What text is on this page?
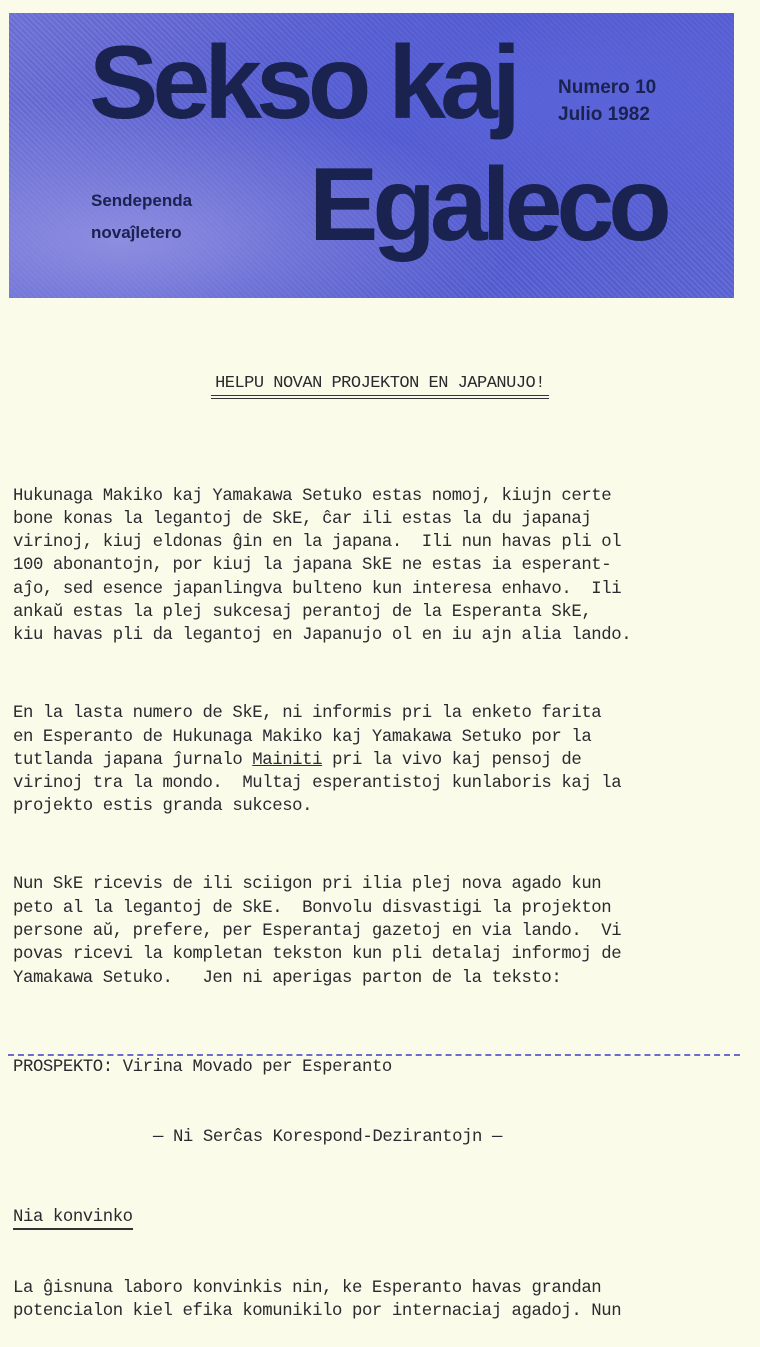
Sekso kaj
Egaleco
Numero 10
Julio 1982
Sendependa
novaĵletero
HELPU NOVAN PROJEKTON EN JAPANUJO!

Hukunaga Makiko kaj Yamakawa Setuko estas nomoj, kiujn certe
bone konas la legantoj de SkE, ĉar ili estas la du japanaj
virinoj, kiuj eldonas ĝin en la japana.  Ili nun havas pli ol
100 abonantojn, por kiuj la japana SkE ne estas ia esperant-
aĵo, sed esence japanlingva bulteno kun interesa enhavo.  Ili
ankaŭ estas la plej sukcesaj perantoj de la Esperanta SkE,
kiu havas pli da legantoj en Japanujo ol en iu ajn alia lando.

En la lasta numero de SkE, ni informis pri la enketo farita
en Esperanto de Hukunaga Makiko kaj Yamakawa Setuko por la
tutlanda japana ĵurnalo Mainiti pri la vivo kaj pensoj de
virinoj tra la mondo.  Multaj esperantistoj kunlaboris kaj la
projekto estis granda sukceso.

Nun SkE ricevis de ili sciigon pri ilia plej nova agado kun
peto al la legantoj de SkE.  Bonvolu disvastigi la projekton
persone aŭ, prefere, per Esperantaj gazetoj en via lando.  Vi
povas ricevi la kompletan tekston kun pli detalaj informoj de
Yamakawa Setuko.   Jen ni aperigas parton de la teksto:

PROSPEKTO: Virina Movado per Esperanto

— Ni Serĉas Korespond-Dezirantojn —

Nia konvinko

La ĝisnuna laboro konvinkis nin, ke Esperanto havas grandan
potencialon kiel efika komunikilo por internaciaj agadoj. Nun
